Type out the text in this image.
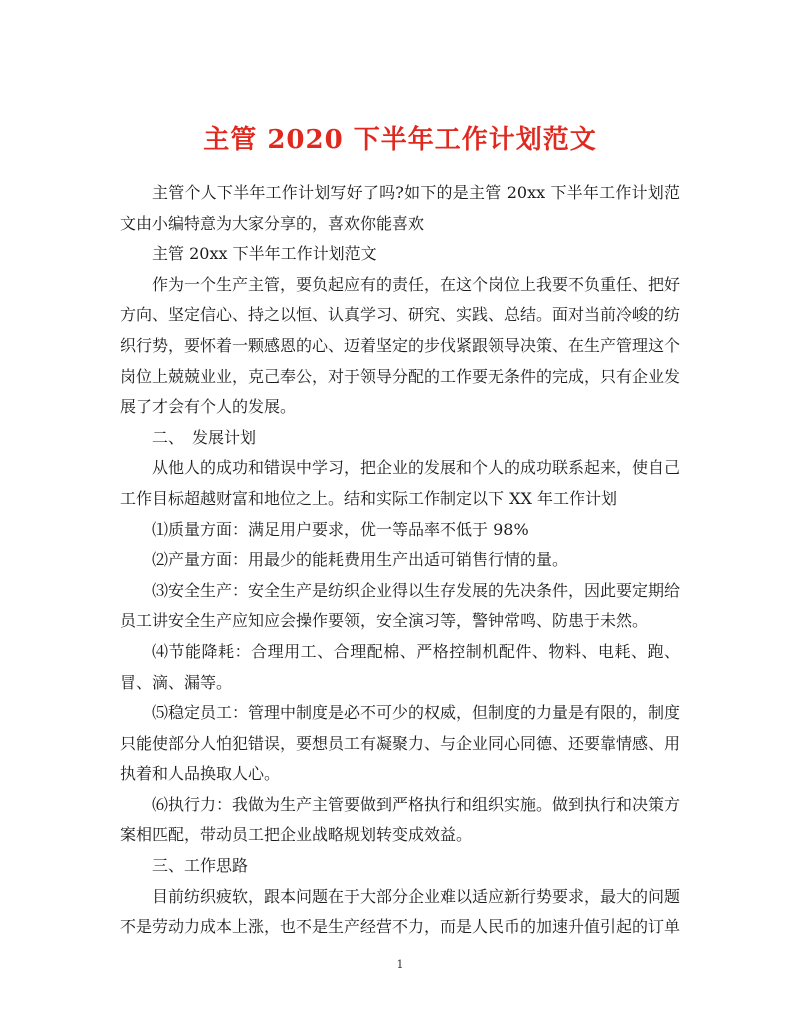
主管 2020 下半年工作计划范文

主管个人下半年工作计划写好了吗?如下的是主管 20xx 下半年工作计划范文由小编特意为大家分享的，喜欢你能喜欢

主管 20xx 下半年工作计划范文

作为一个生产主管，要负起应有的责任，在这个岗位上我要不负重任、把好方向、坚定信心、持之以恒、认真学习、研究、实践、总结。面对当前冷峻的纺织行势，要怀着一颗感恩的心、迈着坚定的步伐紧跟领导决策、在生产管理这个岗位上兢兢业业，克己奉公，对于领导分配的工作要无条件的完成，只有企业发展了才会有个人的发展。

二、　发展计划

从他人的成功和错误中学习，把企业的发展和个人的成功联系起来，使自己工作目标超越财富和地位之上。结和实际工作制定以下 XX 年工作计划

⑴质量方面：满足用户要求，优一等品率不低于 98%

⑵产量方面：用最少的能耗费用生产出适可销售行情的量。

⑶安全生产：安全生产是纺织企业得以生存发展的先决条件，因此要定期给员工讲安全生产应知应会操作要领，安全演习等，警钟常鸣、防患于未然。

⑷节能降耗：合理用工、合理配棉、严格控制机配件、物料、电耗、跑、冒、滴、漏等。

⑸稳定员工：管理中制度是必不可少的权威，但制度的力量是有限的，制度只能使部分人怕犯错误，要想员工有凝聚力、与企业同心同德、还要靠情感、用执着和人品换取人心。

⑹执行力：我做为生产主管要做到严格执行和组织实施。做到执行和决策方案相匹配，带动员工把企业战略规划转变成效益。

三、工作思路

目前纺织疲软，跟本问题在于大部分企业难以适应新行势要求，最大的问题不是劳动力成本上涨，也不是生产经营不力，而是人民币的加速升值引起的订单

1
